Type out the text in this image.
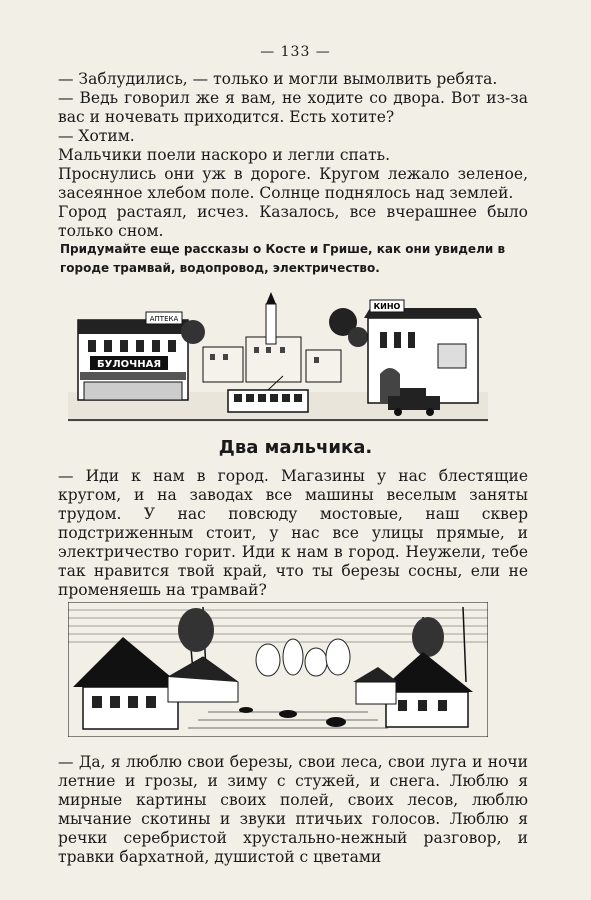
— 133 —
— Заблудились, — только и могли вымолвить ребята.
— Ведь говорил же я вам, не ходите со двора. Вот из-за вас и ночевать приходится. Есть хотите?
— Хотим.
Мальчики поели наскоро и легли спать.
Проснулись они уж в дороге. Кругом лежало зеленое, засеянное хлебом поле. Солнце поднялось над землей.
Город растаял, исчез. Казалось, все вчерашнее было только сном.
Придумайте еще рассказы о Косте и Грише, как они увидели в городе трамвай, водопровод, электричество.
АПТЕКА
БУЛОЧНАЯ
КИНО
Два мальчика.
— Иди к нам в город. Магазины у нас блестящие кругом, и на заводах все машины веселым заняты трудом. У нас повсюду мостовые, наш сквер подстриженным стоит, у нас все улицы прямые, и электричество горит. Иди к нам в город. Неужели, тебе так нравится твой край, что ты березы сосны, ели не променяешь на трамвай?
— Да, я люблю свои березы, свои леса, свои луга и ночи летние и грозы, и зиму с стужей, и снега. Люблю я мирные картины своих полей, своих лесов, люблю мычание скотины и звуки птичьих голосов. Люблю я речки серебристой хрустально-нежный разговор, и травки бархатной, душистой с цветами
